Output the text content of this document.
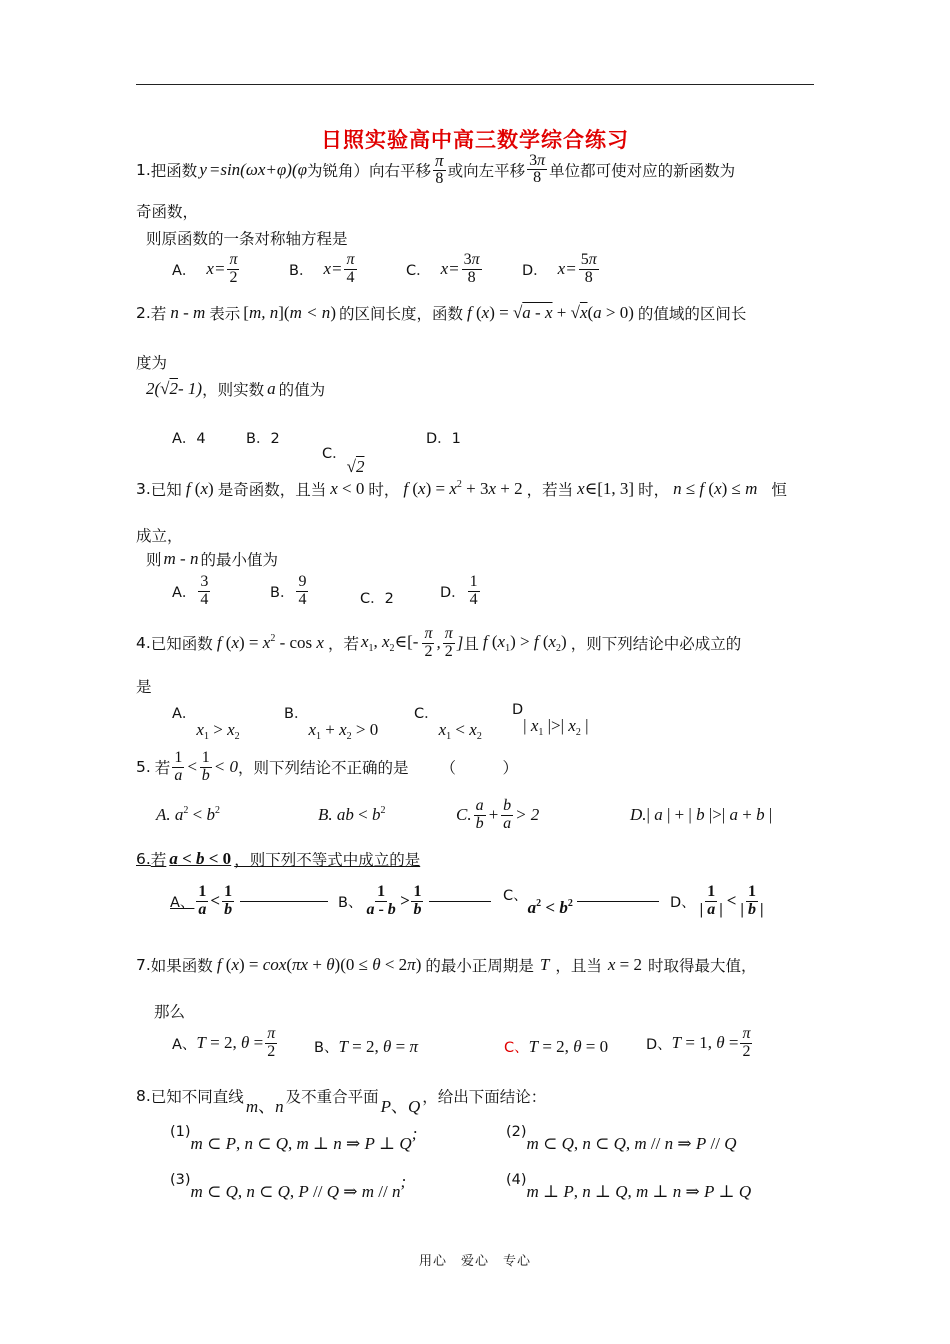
日照实验高中高三数学综合练习
1. 把函数 y = sin( ωx + φ )( φ 为锐角）向右平移 $\frac{\pi}{8}$ 或向左平移 $\frac{3\pi}{8}$ 单位都可使对应的新函数为
奇函数，
则原函数的一条对称轴方程是
A． $x = \frac{\pi}{2}$	B． $x = \frac{\pi}{4}$	C． $x = \frac{3\pi}{8}$	D． $x = \frac{5\pi}{8}$
2. 若 n - m 表示 [m, n](m < n) 的区间长度，函数 f (x) = √a - x + √x(a > 0) 的值域的区间长
度为
2(√ 2 - 1) ，则实数 a 的值为
A．4	B．2
C．
√2
D．1
3. 已知 f (x) 是奇函数，且当 x < 0 时， f $(x) = x^2 + 3x + 2$ ，若当 x∈[1, 3] 时， n ≤ f (x) ≤ m 恒
成立，
则 m - n 的最小值为
A． $\frac{3}{4}$	B． $\frac{9}{4}$	C．2	D． $\frac{1}{4}$
4. 已知函数 f $(x) = x^2 - \cos x$ ，若 $x_1$, $x_2\in[- \frac{\pi}{2}$ , $\frac{\pi}{2}$ ] 且 f $(x_1) > f$ $(x_2)$ ，则下列结论中必成立的
是
A．
$x_1 > x_2$
B．
$x_1 + x_2 > 0$
C．
$x_1 < x_2$
D
| $x_1$ |>| $x_2$ |
5. 若 $\frac{1}{a} < \frac{1}{b} < 0$ ，则下列结论不正确的是 （　　　）
A. $a^2 < b^2$	B. ab < $b^2$	C. $\frac{a}{b} + \frac{b}{a} > 2$	D.| a | + | b |>| a + b |
6. 若 a < b < 0 ，则下列不等式中成立的是
A、 $\frac{1}{a} < \frac{1}{b}$	B、 $\frac{1}{a - b} > \frac{1}{b}$	C、
$a^2 < b^2$	D、 $\frac{1}{| a |} < \frac{1}{| b |}$
7. 如果函数 f (x) = cox(πx + θ)(0 ≤ θ < 2π) 的最小正周期是 T ，且当 x = 2 时取得最大值，
那么
A、 T = 2, $\theta = \frac{\pi}{2}$	B、 T = 2, θ = π	C、 T = 2, θ = 0	D、 T = 1, $\theta = \frac{\pi}{2}$
8. 已知不同直线
m、n
及不重合平面
P、Q
，给出下面结论：
(1)
m ⊂ P, n ⊂ Q, m ⊥ n ⇒ P ⊥ Q
;	(2)
m ⊂ Q, n ⊂ Q, m // n ⇒ P // Q
(3)
m ⊂ Q, n ⊂ Q, P // Q ⇒ m // n
;	(4)
m ⊥ P, n ⊥ Q, m ⊥ n ⇒ P ⊥ Q
用心　爱心　专心
